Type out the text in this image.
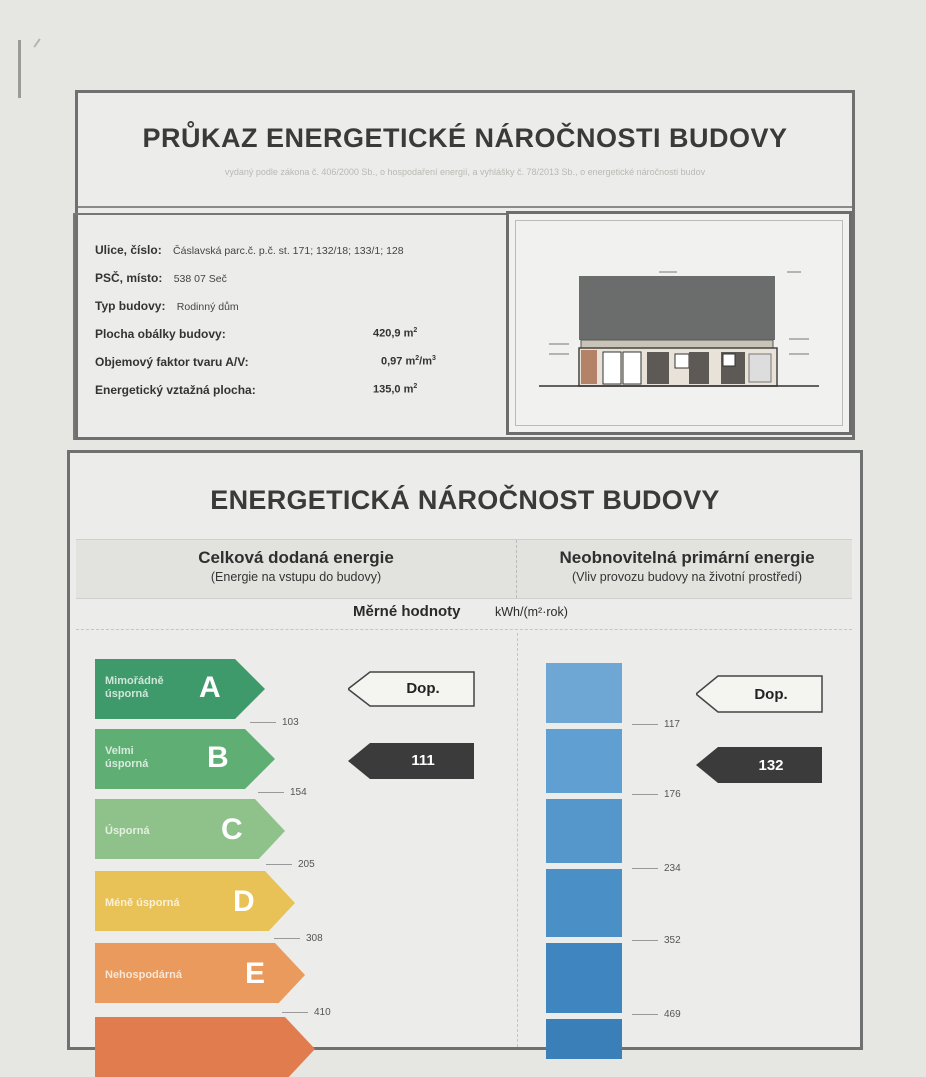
PRŮKAZ ENERGETICKÉ NÁROČNOSTI BUDOVY
vydaný podle zákona č. 406/2000 Sb., o hospodaření energií, a vyhlášky č. 78/2013 Sb., o energetické náročnosti budov
Ulice, číslo: Čáslavská parc.č. p.č. st. 171; 132/18; 133/1; 128
PSČ, místo: 538 07 Seč
Typ budovy: Rodinný dům
Plocha obálky budovy:	420,9 $m^2$
Objemový faktor tvaru A/V:	0,97 $m^2/m^3$
Energetický vztažná plocha:	135,0 $m^2$
ENERGETICKÁ NÁROČNOST BUDOVY
Celková dodaná energie
(Energie na vstupu do budovy)
Neobnovitelná primární energie
(Vliv provozu budovy na životní prostředí)
Měrné hodnoty	kWh/(m²·rok)
Mimořádně
úsporná	A
Velmi
úsporná B
Úsporná C
Méně úsporná D
Nehospodárná E
103
154
205
308
410
Dop.
111
117
176
234
352
469
Dop.
132
